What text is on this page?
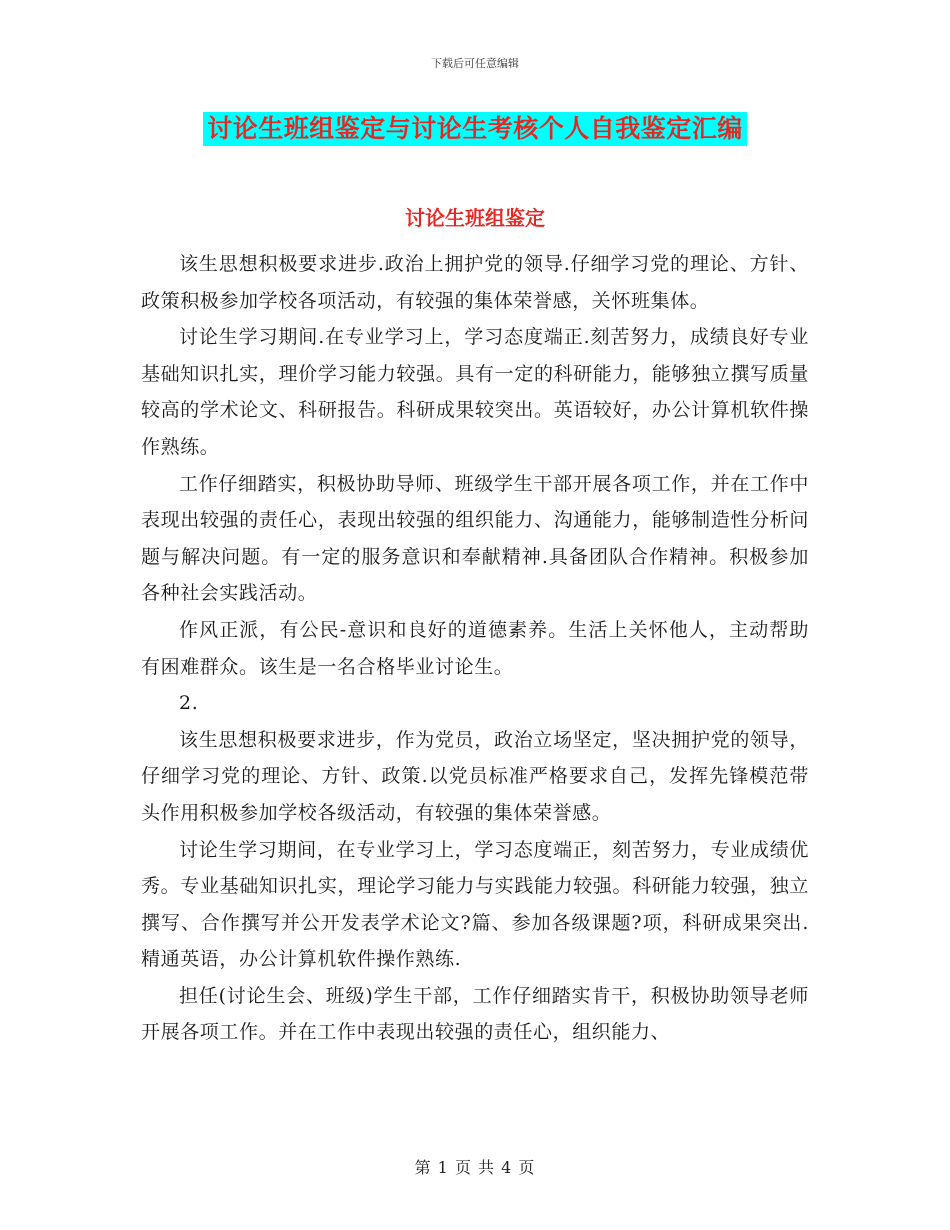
下载后可任意编辑
讨论生班组鉴定与讨论生考核个人自我鉴定汇编
讨论生班组鉴定

该生思想积极要求进步.政治上拥护党的领导.仔细学习党的理论、方针、政策积极参加学校各项活动，有较强的集体荣誉感，关怀班集体。

讨论生学习期间.在专业学习上，学习态度端正.刻苦努力，成绩良好专业基础知识扎实，理价学习能力较强。具有一定的科研能力，能够独立撰写质量较高的学术论文、科研报告。科研成果较突出。英语较好，办公计算机软件操作熟练。

工作仔细踏实，积极协助导师、班级学生干部开展各项工作，并在工作中表现出较强的责任心，表现出较强的组织能力、沟通能力，能够制造性分析问题与解决问题。有一定的服务意识和奉献精神.具备团队合作精神。积极参加各种社会实践活动。

作风正派，有公民-意识和良好的道德素养。生活上关怀他人，主动帮助有困难群众。该生是一名合格毕业讨论生。

2.

该生思想积极要求进步，作为党员，政治立场坚定，坚决拥护党的领导，仔细学习党的理论、方针、政策.以党员标准严格要求自己，发挥先锋模范带头作用积极参加学校各级活动，有较强的集体荣誉感。

讨论生学习期间，在专业学习上，学习态度端正，刻苦努力，专业成绩优秀。专业基础知识扎实，理论学习能力与实践能力较强。科研能力较强，独立撰写、合作撰写并公开发表学术论文?篇、参加各级课题?项，科研成果突出.精通英语，办公计算机软件操作熟练.

担任(讨论生会、班级)学生干部，工作仔细踏实肯干，积极协助领导老师开展各项工作。并在工作中表现出较强的责任心，组织能力、

第 1 页 共 4 页
